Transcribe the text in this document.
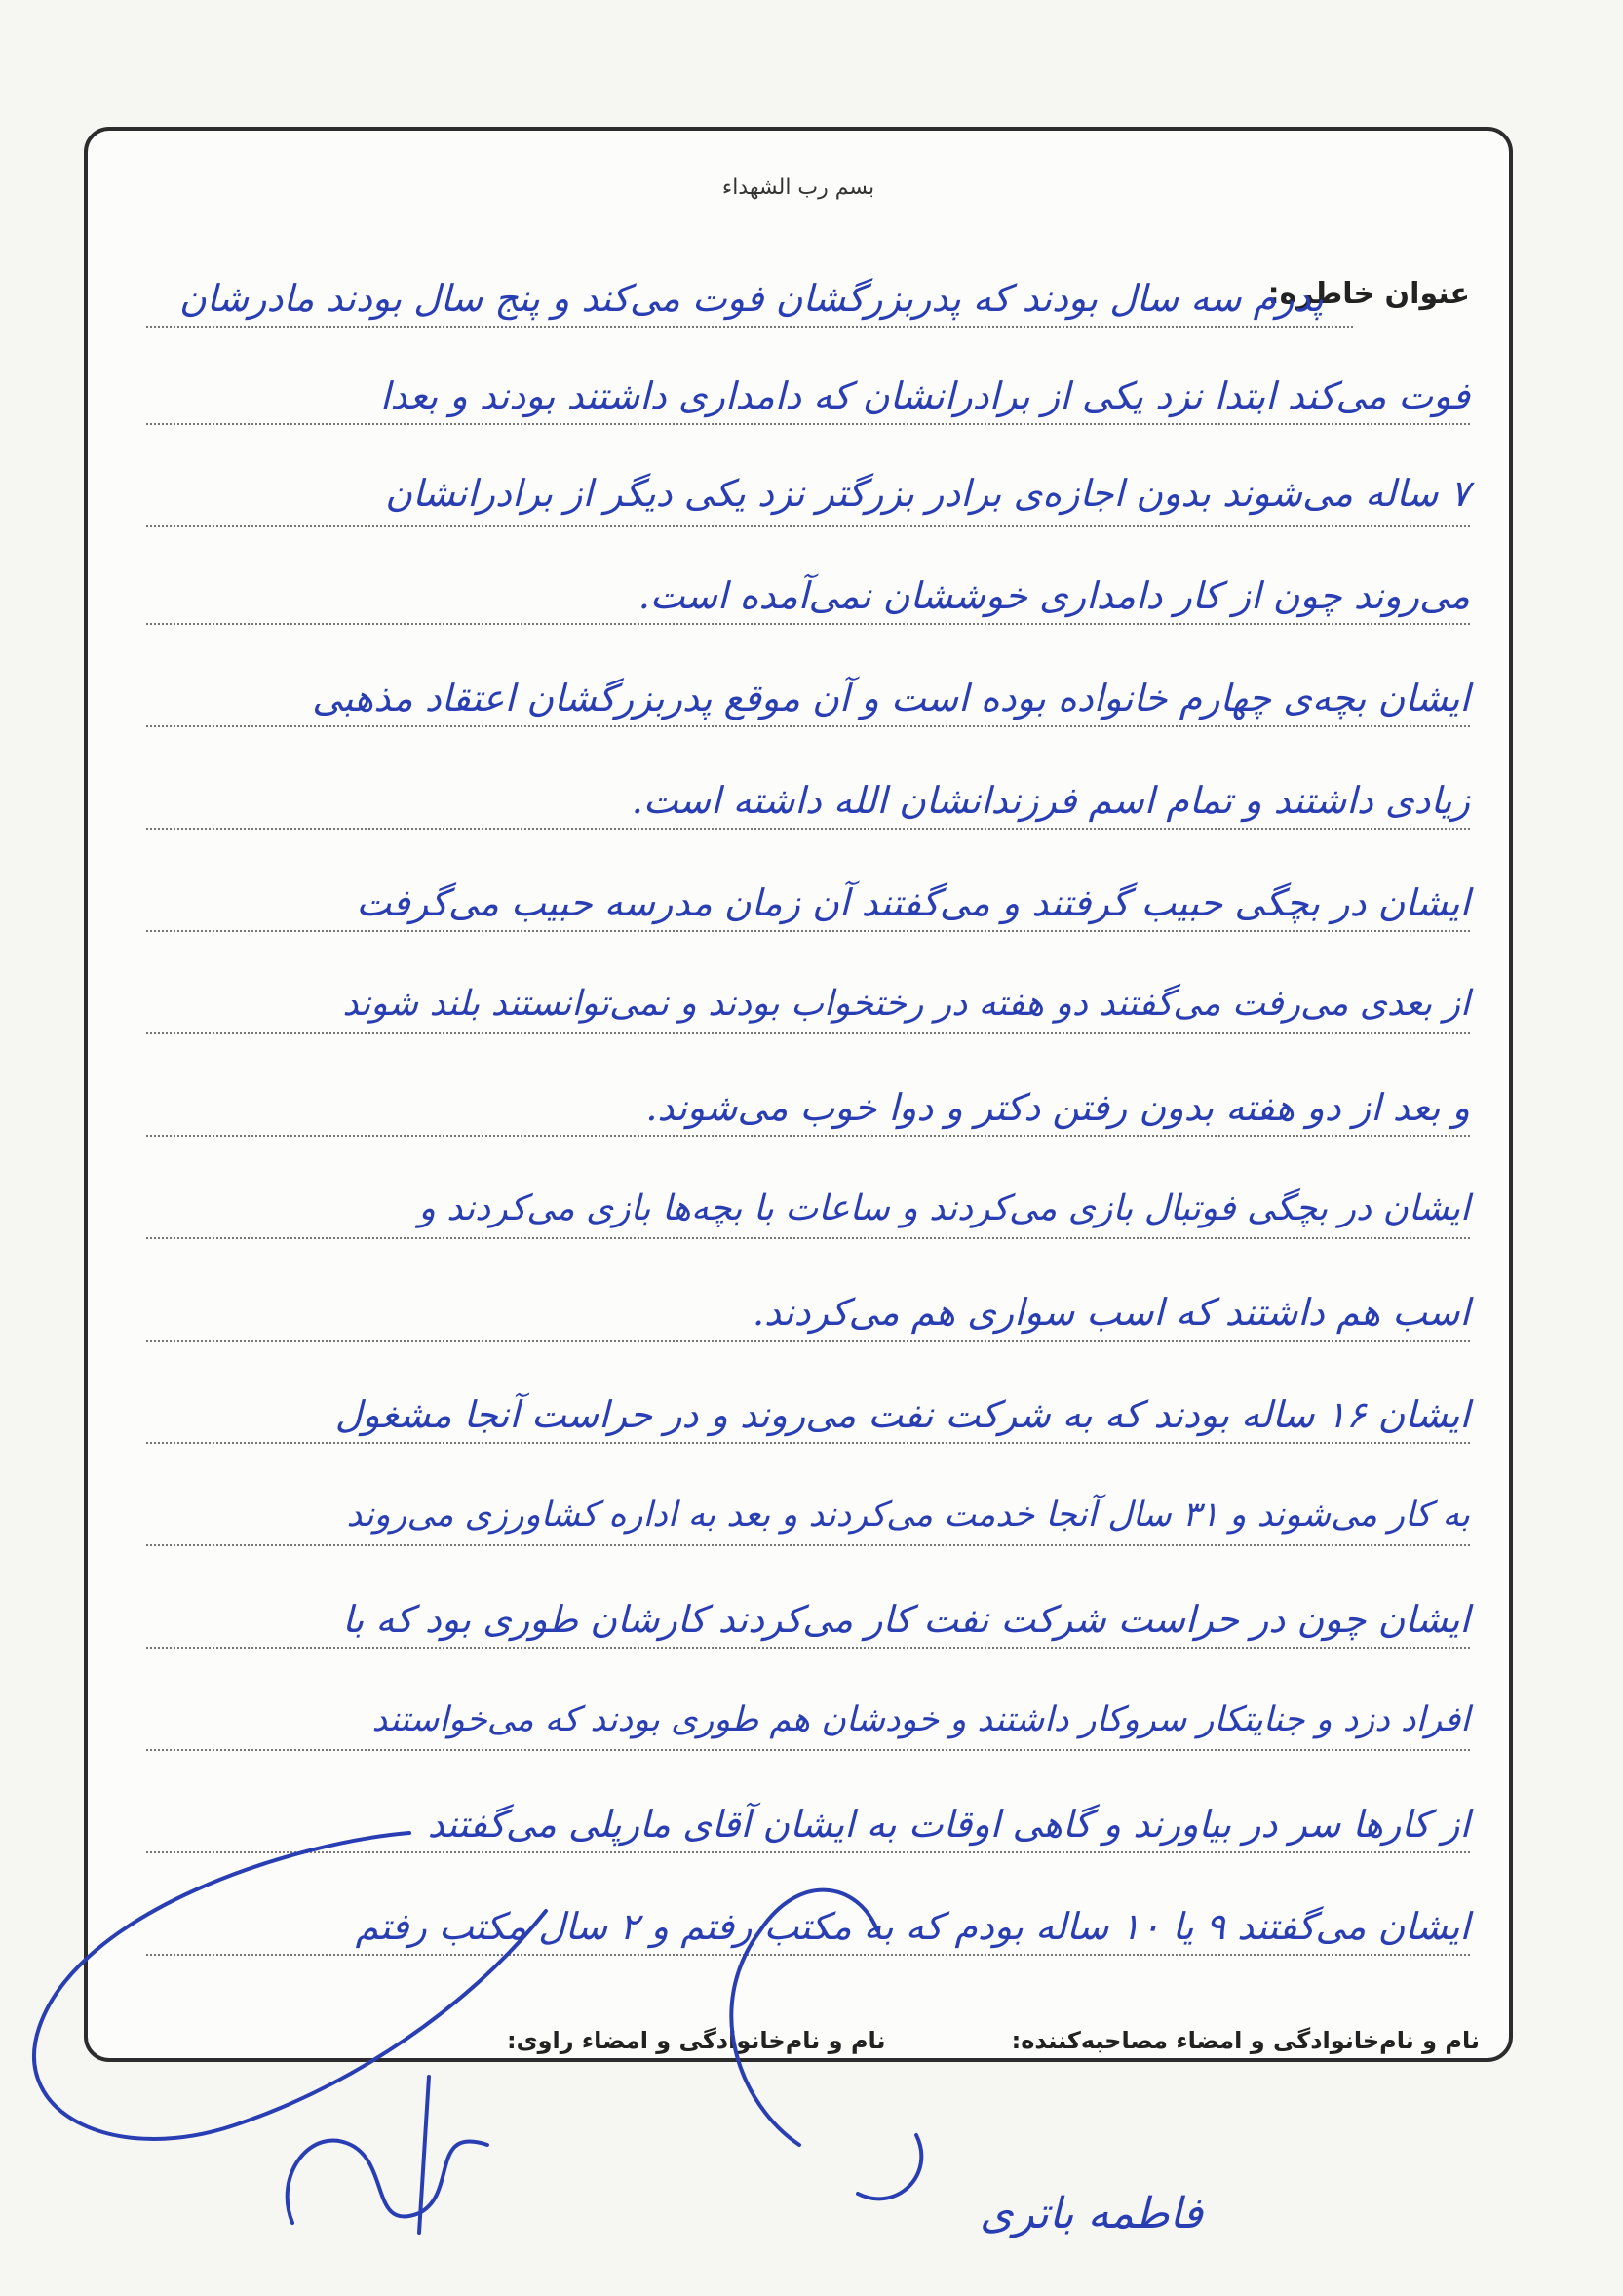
بسم رب الشهداء
عنوان خاطره:
پدرم سه سال بودند که پدربزرگشان فوت می‌کند و پنج سال بودند مادرشان
فوت می‌کند ابتدا نزد یکی از برادرانشان که دامداری داشتند بودند و بعدا
۷ ساله می‌شوند بدون اجازه‌ی برادر بزرگتر نزد یکی دیگر از برادرانشان
می‌روند چون از کار دامداری خوششان نمی‌آمده است.
ایشان بچه‌ی چهارم خانواده بوده است و آن موقع پدربزرگشان اعتقاد مذهبی
زیادی داشتند و تمام اسم فرزندانشان الله داشته است.
ایشان در بچگی حبیب گرفتند و می‌گفتند آن زمان مدرسه حبیب می‌گرفت
از بعدی می‌رفت می‌گفتند دو هفته در رختخواب بودند و نمی‌توانستند بلند شوند
و بعد از دو هفته بدون رفتن دکتر و دوا خوب می‌شوند.
ایشان در بچگی فوتبال بازی می‌کردند و ساعات با بچه‌ها بازی می‌کردند و
اسب هم داشتند که اسب سواری هم می‌کردند.
ایشان ۱۶ ساله بودند که به شرکت نفت می‌روند و در حراست آنجا مشغول
به کار می‌شوند و ۳۱ سال آنجا خدمت می‌کردند و بعد به اداره کشاورزی می‌روند
ایشان چون در حراست شرکت نفت کار می‌کردند کارشان طوری بود که با
افراد دزد و جنایتکار سروکار داشتند و خودشان هم طوری بودند که می‌خواستند
از کارها سر در بیاورند و گاهی اوقات به ایشان آقای مارپلی می‌گفتند
ایشان می‌گفتند ۹ یا ۱۰ ساله بودم که به مکتب رفتم و ۲ سال مکتب رفتم
نام و نام‌خانوادگی و امضاء مصاحبه‌کننده:
نام و نام‌خانوادگی و امضاء راوی:
فاطمه باتری
